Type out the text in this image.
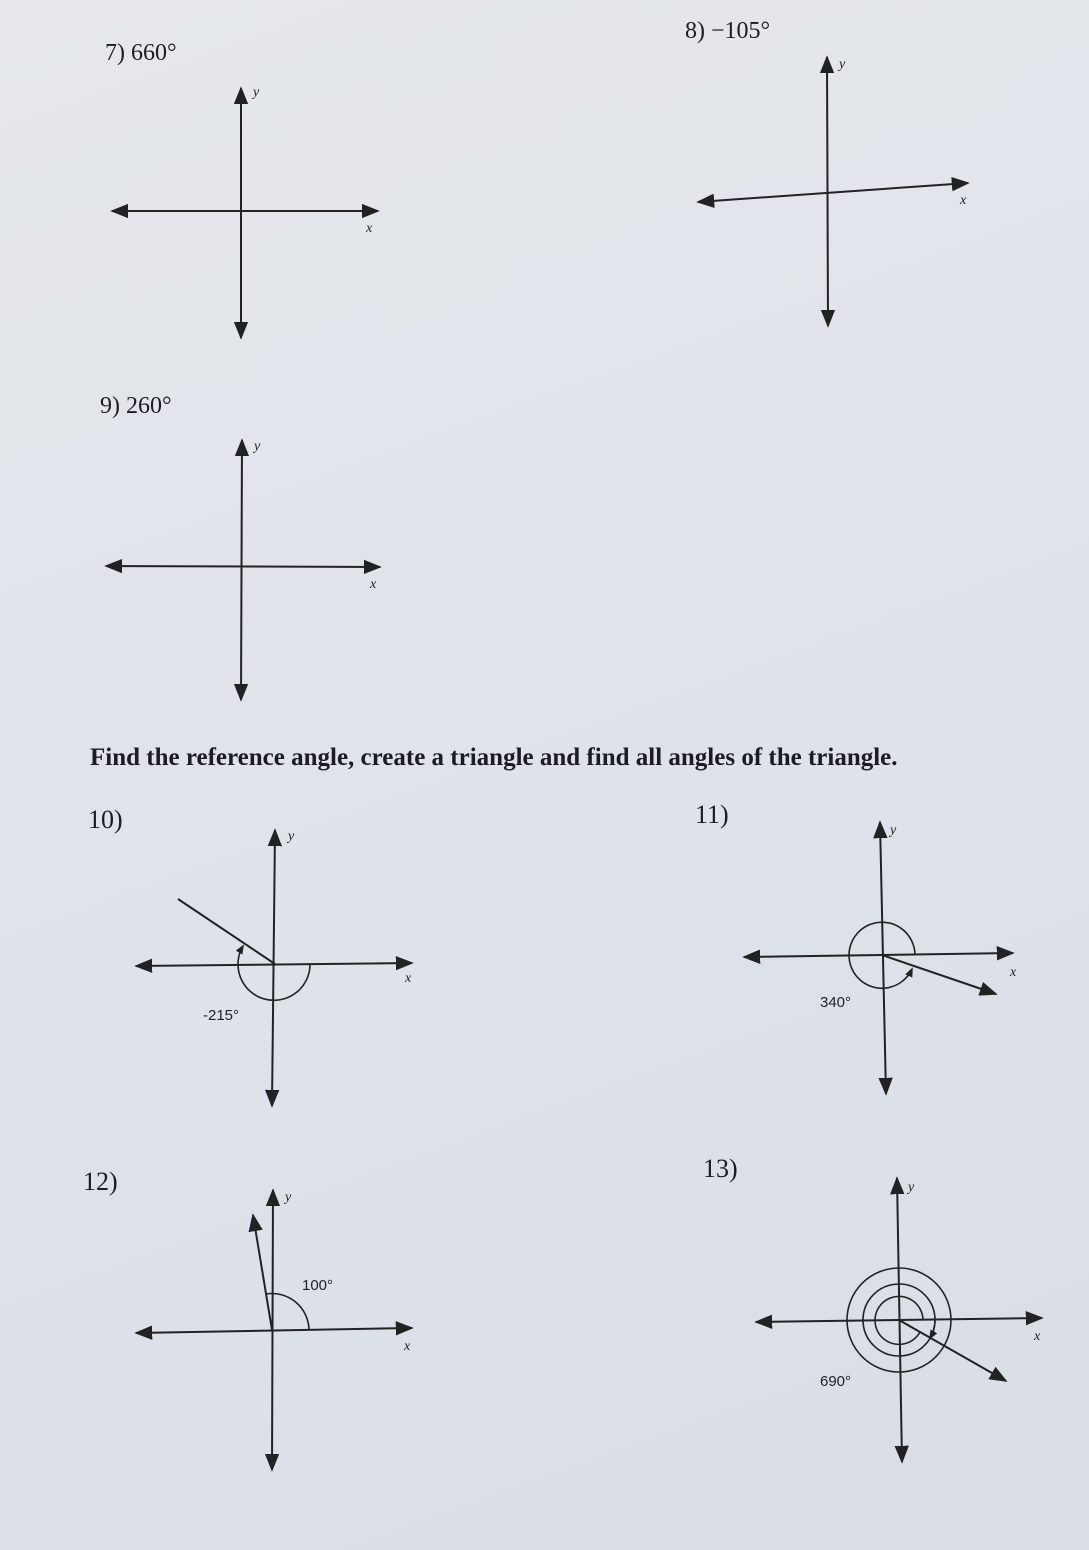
7) 660°
8) −105°
9) 260°
Find the reference angle, create a triangle and find all angles of the triangle.
10)	11)
12)	13)
y
x
y
x
y
x
y
x
-215°
y
x
340°
y
x
100°
y
x
690°
